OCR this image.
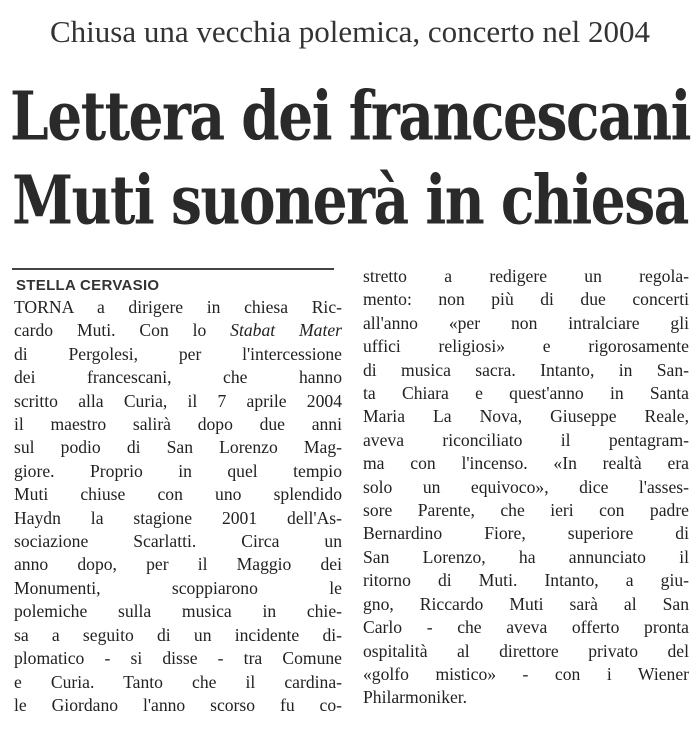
Chiusa una vecchia polemica, concerto nel 2004
Lettera dei francescani
Muti suonerà in chiesa
STELLA CERVASIO
TORNA a dirigere in chiesa Ric-
cardo Muti. Con lo Stabat Mater
di Pergolesi, per l'intercessione
dei francescani, che hanno
scritto alla Curia, il 7 aprile 2004
il maestro salirà dopo due anni
sul podio di San Lorenzo Mag-
giore. Proprio in quel tempio
Muti chiuse con uno splendido
Haydn la stagione 2001 dell'As-
sociazione Scarlatti. Circa un
anno dopo, per il Maggio dei
Monumenti, scoppiarono le
polemiche sulla musica in chie-
sa a seguito di un incidente di-
plomatico - si disse - tra Comune
e Curia. Tanto che il cardina-
le Giordano l'anno scorso fu co-
stretto a redigere un regola-
mento: non più di due concerti
all'anno «per non intralciare gli
uffici religiosi» e rigorosamente
di musica sacra. Intanto, in San-
ta Chiara e quest'anno in Santa
Maria La Nova, Giuseppe Reale,
aveva riconciliato il pentagram-
ma con l'incenso. «In realtà era
solo un equivoco», dice l'asses-
sore Parente, che ieri con padre
Bernardino Fiore, superiore di
San Lorenzo, ha annunciato il
ritorno di Muti. Intanto, a giu-
gno, Riccardo Muti sarà al San
Carlo - che aveva offerto pronta
ospitalità al direttore privato del
«golfo mistico» - con i Wiener
Philarmoniker.
